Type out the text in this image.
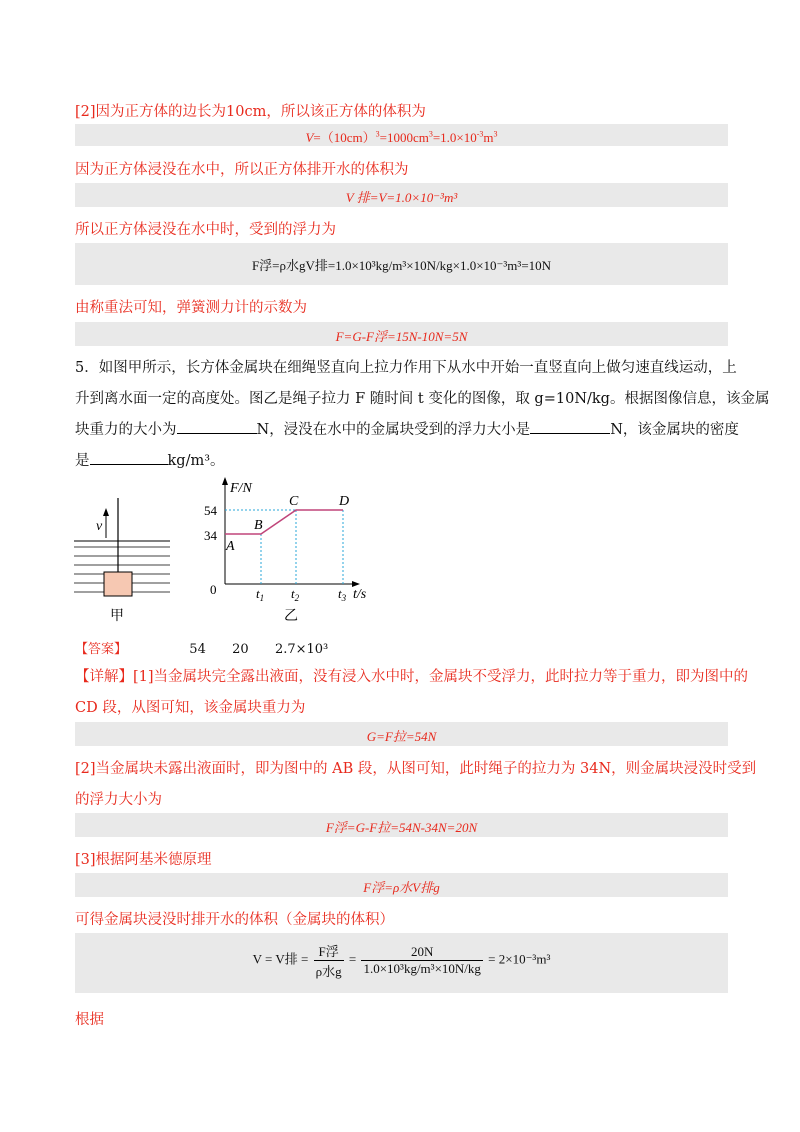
[2]因为正方体的边长为10cm，所以该正方体的体积为
$V=(10cm)^3=1000cm^3=1.0\times 10^{-3}m^3$
因为正方体浸没在水中，所以正方体排开水的体积为
V 排=V=1.0×10⁻³m³
所以正方体浸没在水中时，受到的浮力为
F浮=ρ水gV排=1.0×10³kg/m³×10N/kg×1.0×10⁻³m³=10N
由称重法可知，弹簧测力计的示数为
F=G-F浮=15N-10N=5N
5．如图甲所示，长方体金属块在细绳竖直向上拉力作用下从水中开始一直竖直向上做匀速直线运动，上
升到离水面一定的高度处。图乙是绳子拉力 F 随时间 t 变化的图像，取 g=10N/kg。根据图像信息，该金属
块重力的大小为	N，浸没在水中的金属块受到的浮力大小是	N，该金属块的密度
是	kg/m³。
v
甲
F/N
t/s
0
54
34
A
B
C	D
$t_1$ $t_2$	$t_3$
乙
【答案】	54 20 2.7×10³
【详解】[1]当金属块完全露出液面，没有浸入水中时，金属块不受浮力，此时拉力等于重力，即为图中的
CD 段，从图可知，该金属块重力为
G=F拉=54N
[2]当金属块未露出液面时，即为图中的 AB 段，从图可知，此时绳子的拉力为 34N，则金属块浸没时受到
的浮力大小为
F浮=G-F拉=54N-34N=20N
[3]根据阿基米德原理
F浮=ρ水V排g
可得金属块浸没时排开水的体积（金属块的体积）
V = V排 = $\frac{\text{F浮}}{\text{ρ水g}} = \frac{20N}{\text{1.0×10³kg/m³×10N/kg}} = 2\times 10^{-3}m^3$
根据
